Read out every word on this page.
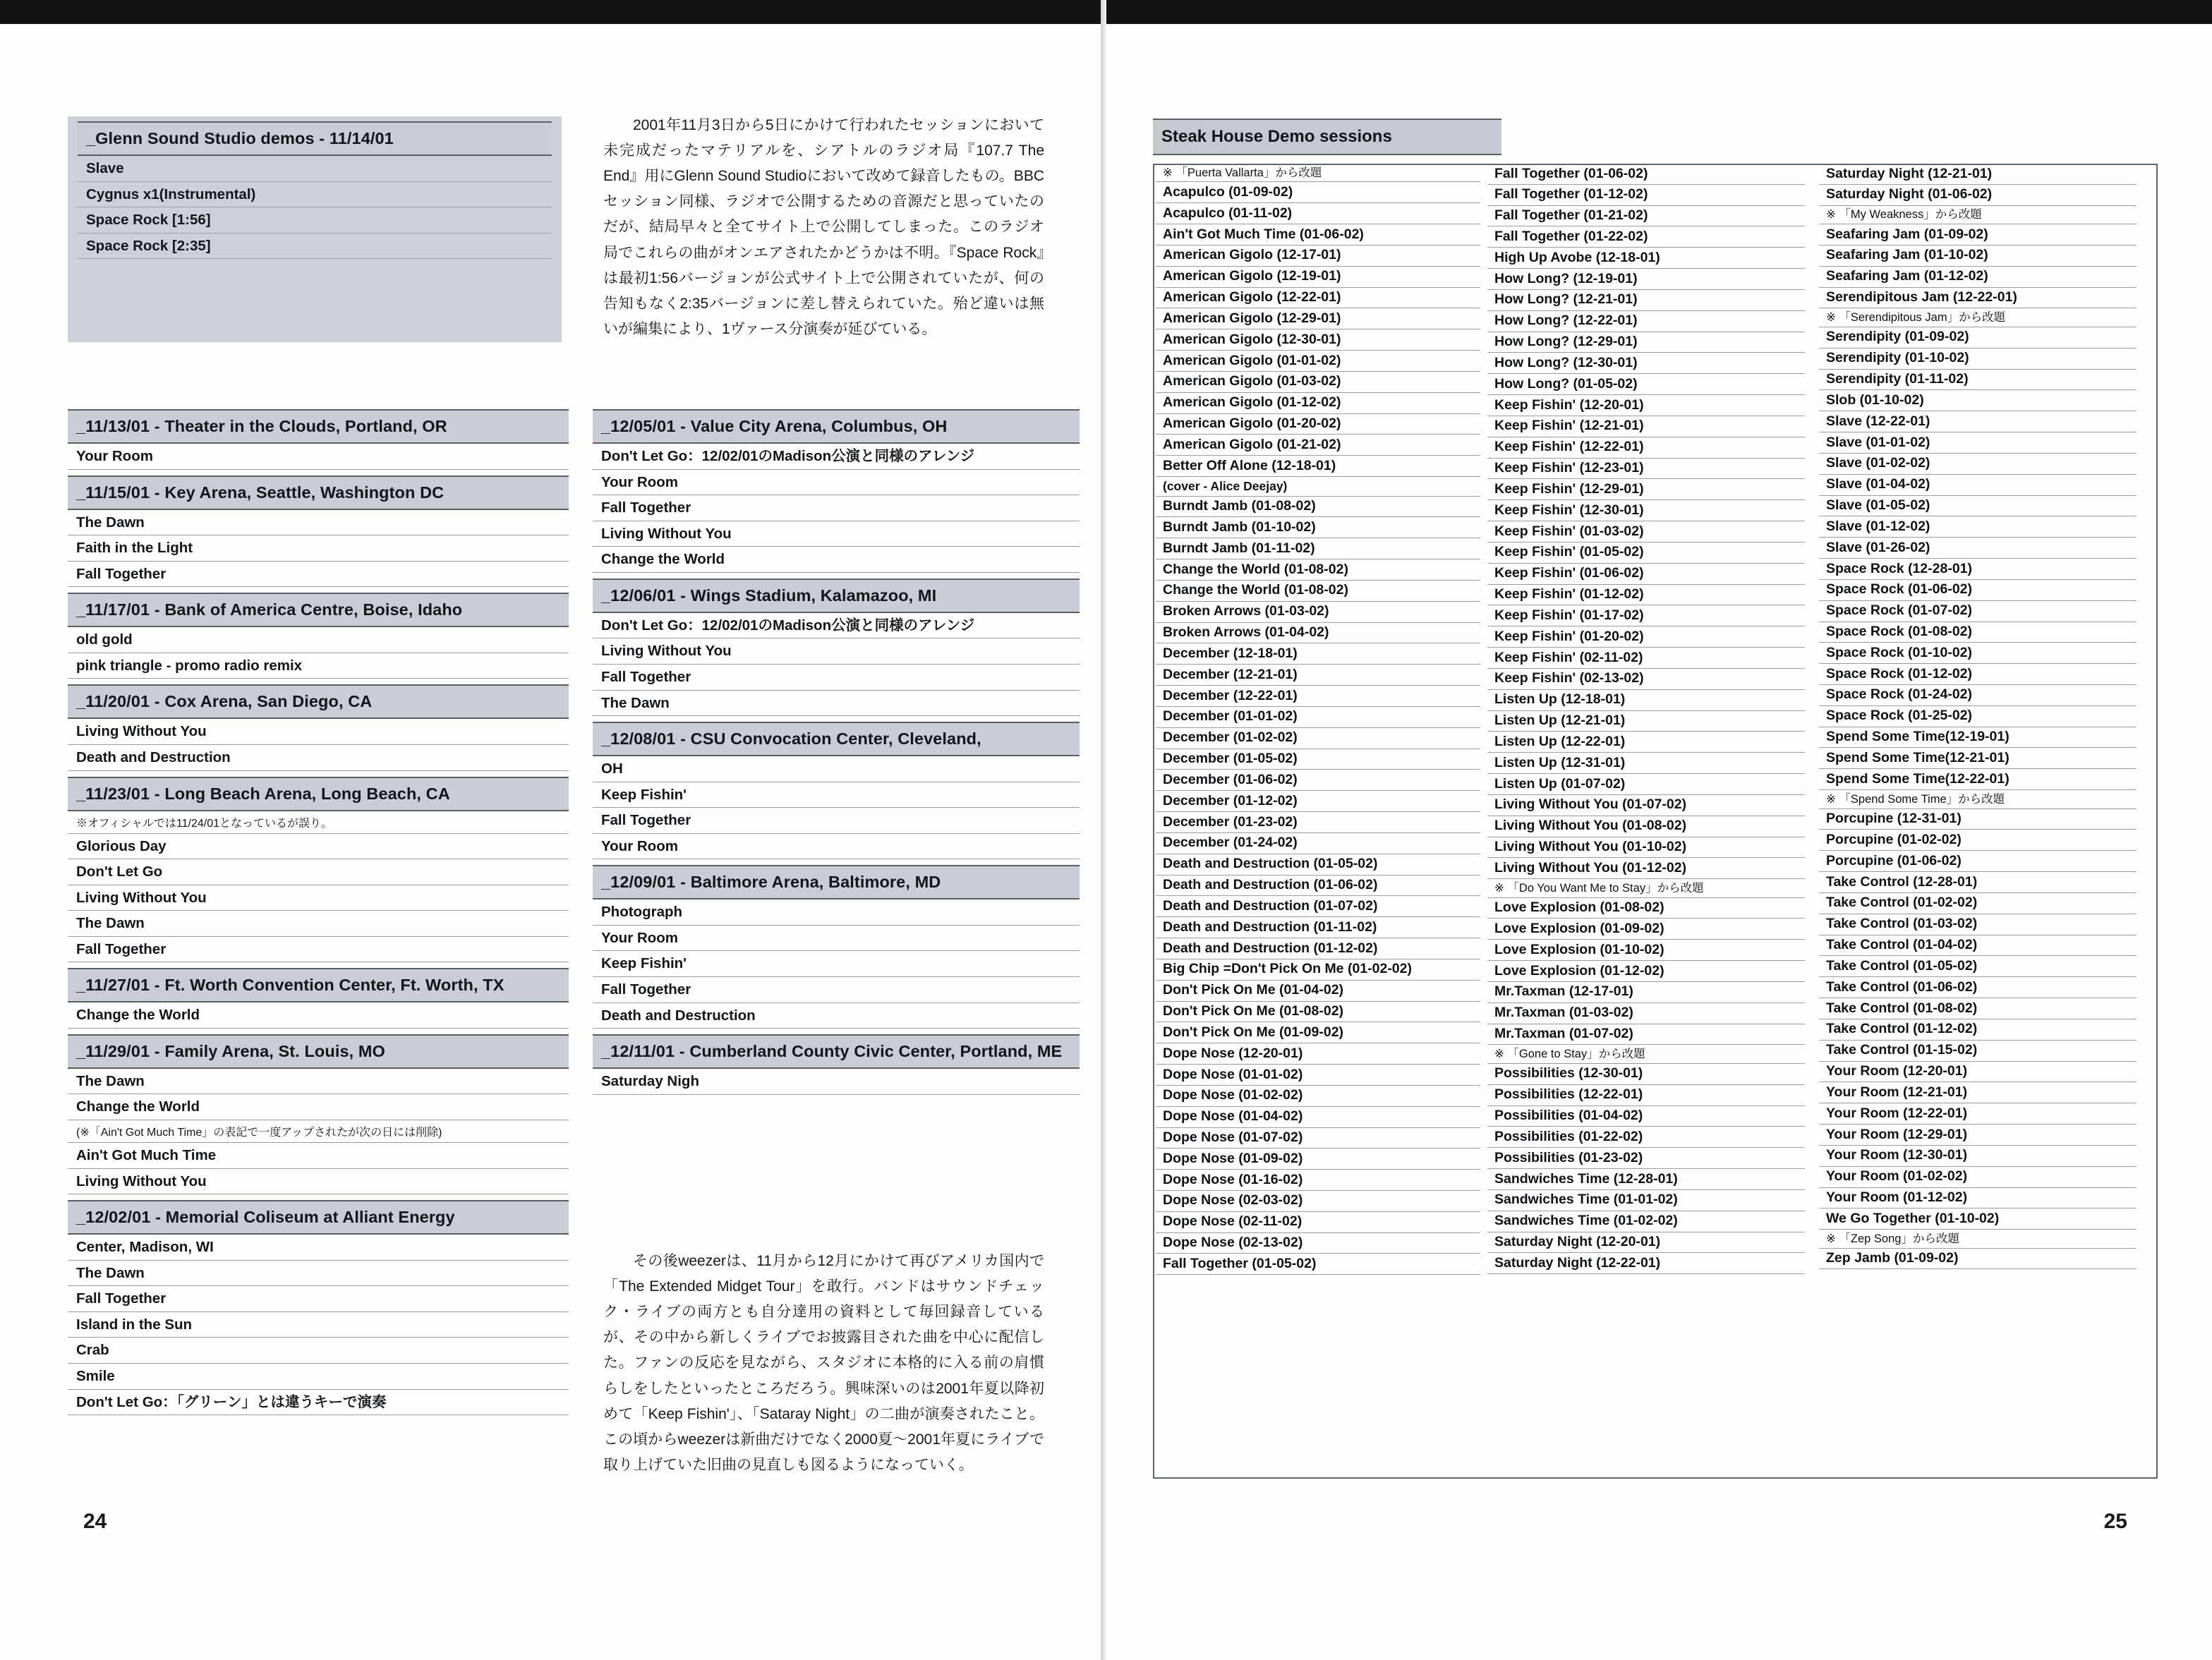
24
_Glenn Sound Studio demos - 11/14/01
Slave
Cygnus x1(Instrumental)
Space Rock [1:56]
Space Rock [2:35]
2001年11月3日から5日にかけて行われたセッションにおいて未完成だったマテリアルを、シアトルのラジオ局『107.7 The End』用にGlenn Sound Studioにおいて改めて録音したもの。BBCセッション同様、ラジオで公開するための音源だと思っていたのだが、結局早々と全てサイト上で公開してしまった。このラジオ局でこれらの曲がオンエアされたかどうかは不明。『Space Rock』は最初1:56バージョンが公式サイト上で公開されていたが、何の告知もなく2:35バージョンに差し替えられていた。殆ど違いは無いが編集により、1ヴァース分演奏が延びている。
_11/13/01 - Theater in the Clouds, Portland, OR
Your Room
_11/15/01 - Key Arena, Seattle, Washington DC
The Dawn
Faith in the Light
Fall Together
_11/17/01 - Bank of America Centre, Boise, Idaho
old gold
pink triangle - promo radio remix
_11/20/01 - Cox Arena, San Diego, CA
Living Without You
Death and Destruction
_11/23/01 - Long Beach Arena, Long Beach, CA
※オフィシャルでは11/24/01となっているが誤り。
Glorious Day
Don't Let Go
Living Without You
The Dawn
Fall Together
_11/27/01 - Ft. Worth Convention Center, Ft. Worth, TX
Change the World
_11/29/01 - Family Arena, St. Louis, MO
The Dawn
Change the World
(※「Ain't Got Much Time」の表記で一度アップされたが次の日には削除)
Ain't Got Much Time
Living Without You
_12/02/01 - Memorial Coliseum at Alliant Energy
Center, Madison, WI
The Dawn
Fall Together
Island in the Sun
Crab
Smile
Don't Let Go：「グリーン」とは違うキーで演奏
_12/05/01 - Value City Arena, Columbus, OH
Don't Let Go：12/02/01のMadison公演と同様のアレンジ
Your Room
Fall Together
Living Without You
Change the World
_12/06/01 - Wings Stadium, Kalamazoo, MI
Don't Let Go：12/02/01のMadison公演と同様のアレンジ
Living Without You
Fall Together
The Dawn
_12/08/01 - CSU Convocation Center, Cleveland,
OH
Keep Fishin'
Fall Together
Your Room
_12/09/01 - Baltimore Arena, Baltimore, MD
Photograph
Your Room
Keep Fishin'
Fall Together
Death and Destruction
_12/11/01 - Cumberland County Civic Center, Portland, ME
Saturday Nigh
その後weezerは、11月から12月にかけて再びアメリカ国内で「The Extended Midget Tour」を敢行。バンドはサウンドチェック・ライブの両方とも自分達用の資料として毎回録音しているが、その中から新しくライブでお披露目された曲を中心に配信した。ファンの反応を見ながら、スタジオに本格的に入る前の肩慣らしをしたといったところだろう。興味深いのは2001年夏以降初めて「Keep Fishin'」、「Sataray Night」の二曲が演奏されたこと。この頃からweezerは新曲だけでなく2000夏〜2001年夏にライブで取り上げていた旧曲の見直しも図るようになっていく。
25
Steak House Demo sessions
※ 「Puerta Vallarta」から改題
Acapulco (01-09-02)
Acapulco (01-11-02)
Ain't Got Much Time (01-06-02)
American Gigolo (12-17-01)
American Gigolo (12-19-01)
American Gigolo (12-22-01)
American Gigolo (12-29-01)
American Gigolo (12-30-01)
American Gigolo (01-01-02)
American Gigolo (01-03-02)
American Gigolo (01-12-02)
American Gigolo (01-20-02)
American Gigolo (01-21-02)
Better Off Alone (12-18-01)
(cover - Alice Deejay)
Burndt Jamb (01-08-02)
Burndt Jamb (01-10-02)
Burndt Jamb (01-11-02)
Change the World (01-08-02)
Change the World (01-08-02)
Broken Arrows (01-03-02)
Broken Arrows (01-04-02)
December (12-18-01)
December (12-21-01)
December (12-22-01)
December (01-01-02)
December (01-02-02)
December (01-05-02)
December (01-06-02)
December (01-12-02)
December (01-23-02)
December (01-24-02)
Death and Destruction (01-05-02)
Death and Destruction (01-06-02)
Death and Destruction (01-07-02)
Death and Destruction (01-11-02)
Death and Destruction (01-12-02)
Big Chip =Don't Pick On Me (01-02-02)
Don't Pick On Me (01-04-02)
Don't Pick On Me (01-08-02)
Don't Pick On Me (01-09-02)
Dope Nose (12-20-01)
Dope Nose (01-01-02)
Dope Nose (01-02-02)
Dope Nose (01-04-02)
Dope Nose (01-07-02)
Dope Nose (01-09-02)
Dope Nose (01-16-02)
Dope Nose (02-03-02)
Dope Nose (02-11-02)
Dope Nose (02-13-02)
Fall Together (01-05-02)
Fall Together (01-06-02)
Fall Together (01-12-02)
Fall Together (01-21-02)
Fall Together (01-22-02)
High Up Avobe (12-18-01)
How Long? (12-19-01)
How Long? (12-21-01)
How Long? (12-22-01)
How Long? (12-29-01)
How Long? (12-30-01)
How Long? (01-05-02)
Keep Fishin' (12-20-01)
Keep Fishin' (12-21-01)
Keep Fishin' (12-22-01)
Keep Fishin' (12-23-01)
Keep Fishin' (12-29-01)
Keep Fishin' (12-30-01)
Keep Fishin' (01-03-02)
Keep Fishin' (01-05-02)
Keep Fishin' (01-06-02)
Keep Fishin' (01-12-02)
Keep Fishin' (01-17-02)
Keep Fishin' (01-20-02)
Keep Fishin' (02-11-02)
Keep Fishin' (02-13-02)
Listen Up (12-18-01)
Listen Up (12-21-01)
Listen Up (12-22-01)
Listen Up (12-31-01)
Listen Up (01-07-02)
Living Without You (01-07-02)
Living Without You (01-08-02)
Living Without You (01-10-02)
Living Without You (01-12-02)
※ 「Do You Want Me to Stay」から改題
Love Explosion (01-08-02)
Love Explosion (01-09-02)
Love Explosion (01-10-02)
Love Explosion (01-12-02)
Mr.Taxman (12-17-01)
Mr.Taxman (01-03-02)
Mr.Taxman (01-07-02)
※ 「Gone to Stay」から改題
Possibilities (12-30-01)
Possibilities (12-22-01)
Possibilities (01-04-02)
Possibilities (01-22-02)
Possibilities (01-23-02)
Sandwiches Time (12-28-01)
Sandwiches Time (01-01-02)
Sandwiches Time (01-02-02)
Saturday Night (12-20-01)
Saturday Night (12-22-01)
Saturday Night (12-21-01)
Saturday Night (01-06-02)
※ 「My Weakness」から改題
Seafaring Jam (01-09-02)
Seafaring Jam (01-10-02)
Seafaring Jam (01-12-02)
Serendipitous Jam (12-22-01)
※ 「Serendipitous Jam」から改題
Serendipity (01-09-02)
Serendipity (01-10-02)
Serendipity (01-11-02)
Slob (01-10-02)
Slave (12-22-01)
Slave (01-01-02)
Slave (01-02-02)
Slave (01-04-02)
Slave (01-05-02)
Slave (01-12-02)
Slave (01-26-02)
Space Rock (12-28-01)
Space Rock (01-06-02)
Space Rock (01-07-02)
Space Rock (01-08-02)
Space Rock (01-10-02)
Space Rock (01-12-02)
Space Rock (01-24-02)
Space Rock (01-25-02)
Spend Some Time(12-19-01)
Spend Some Time(12-21-01)
Spend Some Time(12-22-01)
※ 「Spend Some Time」から改題
Porcupine (12-31-01)
Porcupine (01-02-02)
Porcupine (01-06-02)
Take Control (12-28-01)
Take Control (01-02-02)
Take Control (01-03-02)
Take Control (01-04-02)
Take Control (01-05-02)
Take Control (01-06-02)
Take Control (01-08-02)
Take Control (01-12-02)
Take Control (01-15-02)
Your Room (12-20-01)
Your Room (12-21-01)
Your Room (12-22-01)
Your Room (12-29-01)
Your Room (12-30-01)
Your Room (01-02-02)
Your Room (01-12-02)
We Go Together (01-10-02)
※ 「Zep Song」から改題
Zep Jamb (01-09-02)
